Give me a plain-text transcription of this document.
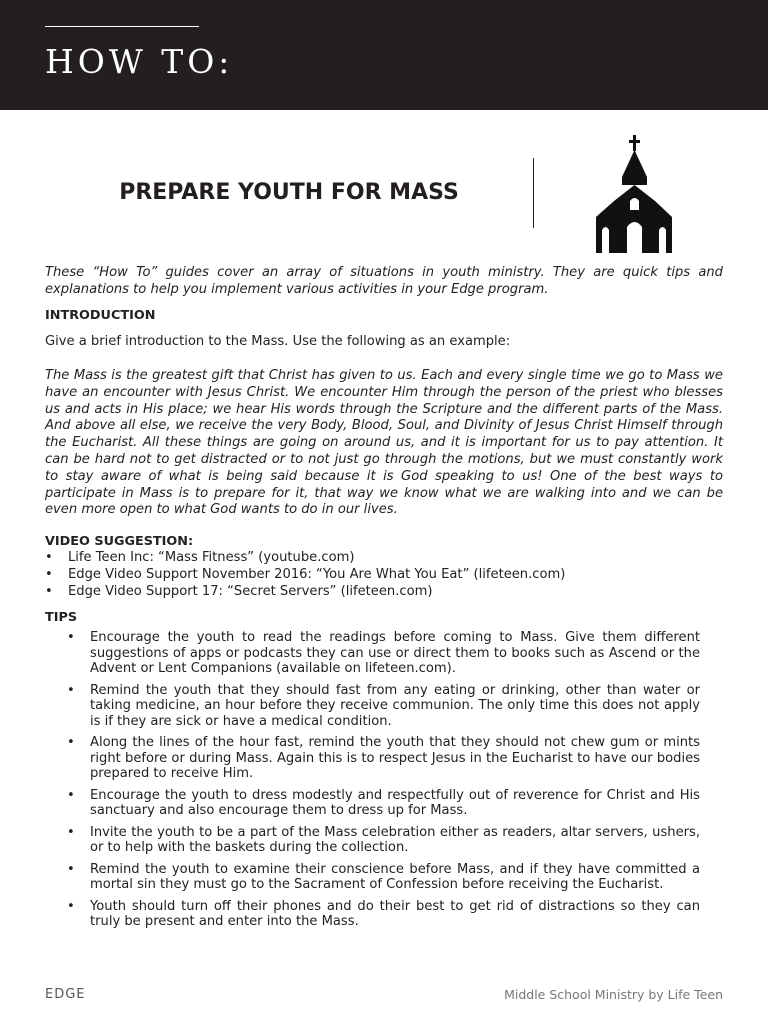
HOW TO:
PREPARE YOUTH FOR MASS

These “How To” guides cover an array of situations in youth ministry. They are quick tips and explanations to help you implement various activities in your Edge program.

INTRODUCTION
Give a brief introduction to the Mass. Use the following as an example:

The Mass is the greatest gift that Christ has given to us. Each and every single time we go to Mass we have an encounter with Jesus Christ. We encounter Him through the person of the priest who blesses us and acts in His place; we hear His words through the Scripture and the different parts of the Mass. And above all else, we receive the very Body, Blood, Soul, and Divinity of Jesus Christ Himself through the Eucharist. All these things are going on around us, and it is important for us to pay attention. It can be hard not to get distracted or to not just go through the motions, but we must constantly work to stay aware of what is being said because it is God speaking to us! One of the best ways to participate in Mass is to prepare for it, that way we know what we are walking into and we can be even more open to what God wants to do in our lives.

VIDEO SUGGESTION:
• Life Teen Inc: “Mass Fitness” (youtube.com)
• Edge Video Support November 2016: “You Are What You Eat” (lifeteen.com)
• Edge Video Support 17: “Secret Servers” (lifeteen.com)
TIPS
• Encourage the youth to read the readings before coming to Mass. Give them different suggestions of apps or podcasts they can use or direct them to books such as Ascend or the Advent or Lent Companions (available on lifeteen.com).
• Remind the youth that they should fast from any eating or drinking, other than water or taking medicine, an hour before they receive communion. The only time this does not apply is if they are sick or have a medical condition.
• Along the lines of the hour fast, remind the youth that they should not chew gum or mints right before or during Mass. Again this is to respect Jesus in the Eucharist to have our bodies prepared to receive Him.
• Encourage the youth to dress modestly and respectfully out of reverence for Christ and His sanctuary and also encourage them to dress up for Mass.
• Invite the youth to be a part of the Mass celebration either as readers, altar servers, ushers, or to help with the baskets during the collection.
• Remind the youth to examine their conscience before Mass, and if they have committed a mortal sin they must go to the Sacrament of Confession before receiving the Eucharist.
• Youth should turn off their phones and do their best to get rid of distractions so they can truly be present and enter into the Mass.
EDGE	Middle School Ministry by Life Teen
